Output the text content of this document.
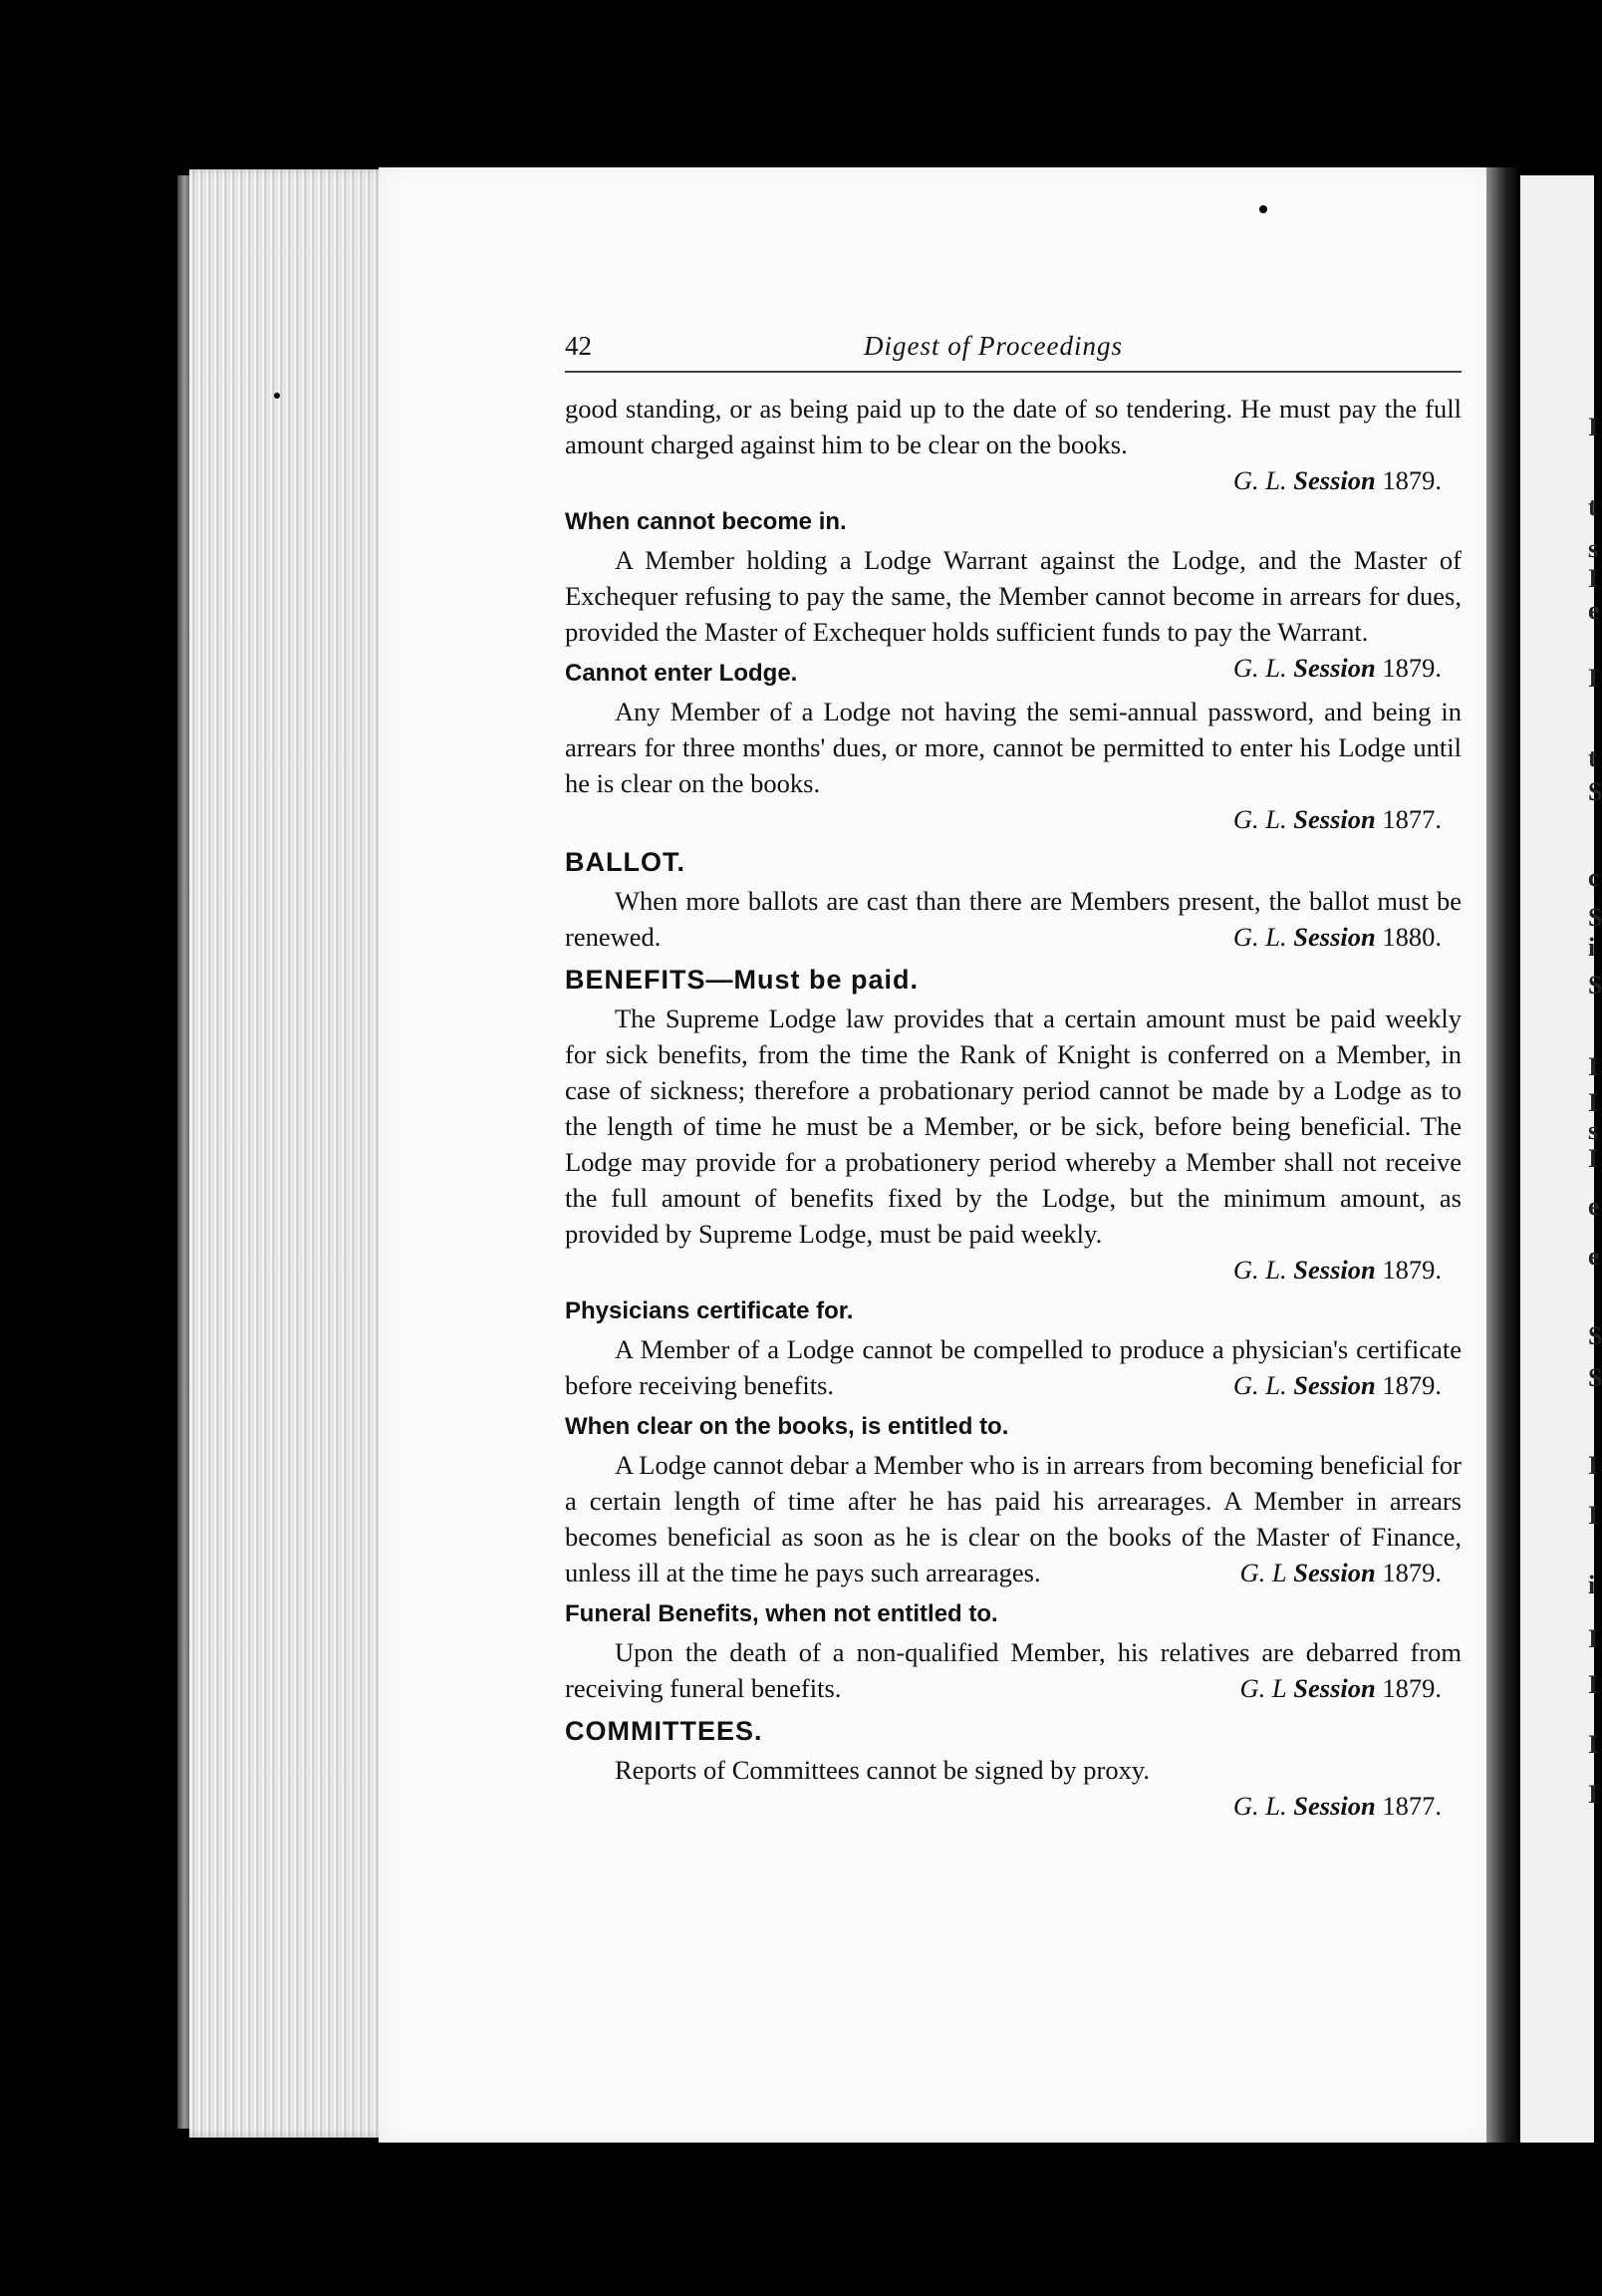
I
t
s
I
e
I
t
S
c
S
i
S
I
I
s
I
e
e
S
S
I
I
i
I
I
I
I
42	Digest of Proceedings

good standing, or as being paid up to the date of so tendering. He must pay the full amount charged against him to be clear on the books.

G. L. Session 1879.

When cannot become in.

A Member holding a Lodge Warrant against the Lodge, and the Master of Exchequer refusing to pay the same, the Member cannot become in arrears for dues, provided the Master of Exchequer holds sufficient funds to pay the Warrant.
G. L. Session 1879.

Cannot enter Lodge.

Any Member of a Lodge not having the semi-annual password, and being in arrears for three months' dues, or more, cannot be permitted to enter his Lodge until he is clear on the books.

G. L. Session 1877.

BALLOT.

When more ballots are cast than there are Members present, the ballot must be renewed.	G. L. Session 1880.

BENEFITS—Must be paid.

The Supreme Lodge law provides that a certain amount must be paid weekly for sick benefits, from the time the Rank of Knight is conferred on a Member, in case of sickness; therefore a probationary period cannot be made by a Lodge as to the length of time he must be a Member, or be sick, before being beneficial. The Lodge may provide for a probationery period whereby a Member shall not receive the full amount of benefits fixed by the Lodge, but the minimum amount, as provided by Supreme Lodge, must be paid weekly.

G. L. Session 1879.

Physicians certificate for.

A Member of a Lodge cannot be compelled to produce a physician's certificate before receiving benefits.	G. L. Session 1879.

When clear on the books, is entitled to.

A Lodge cannot debar a Member who is in arrears from becoming beneficial for a certain length of time after he has paid his arrearages. A Member in arrears becomes beneficial as soon as he is clear on the books of the Master of Finance, unless ill at the time he pays such arrearages.	G. L Session 1879.

Funeral Benefits, when not entitled to.

Upon the death of a non-qualified Member, his relatives are debarred from receiving funeral benefits.	G. L Session 1879.

COMMITTEES.

Reports of Committees cannot be signed by proxy.

G. L. Session 1877.
